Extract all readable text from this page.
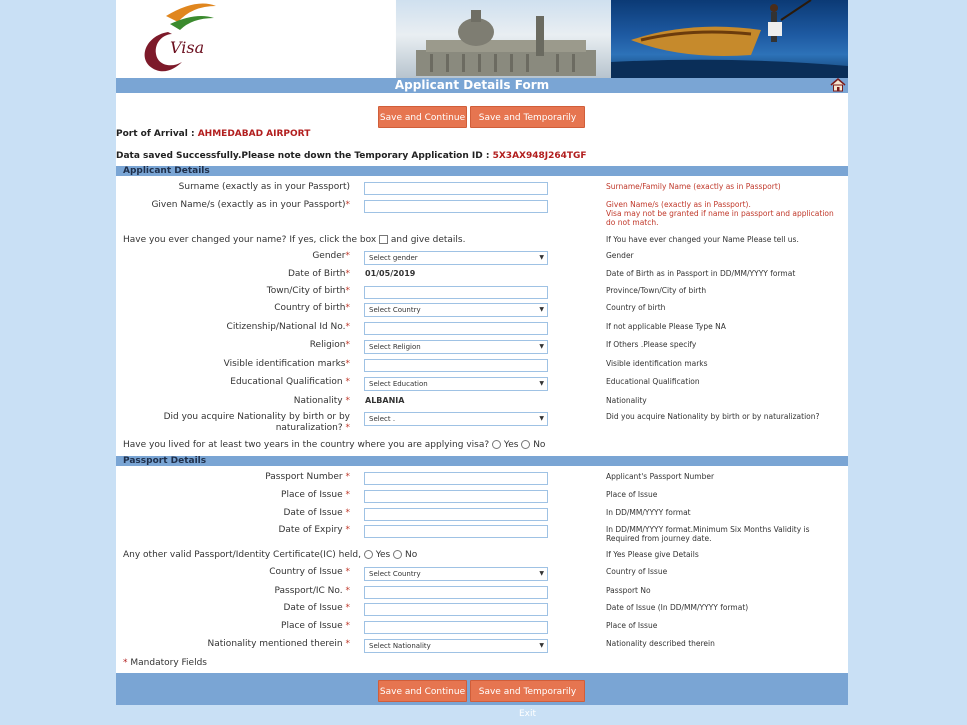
Visa
Applicant Details Form
Save and Continue	Save and Temporarily Exit
Port of Arrival : AHMEDABAD AIRPORT
Data saved Successfully.Please note down the Temporary Application ID : 5X3AX948J264TGF
Applicant Details
Surname (exactly as in your Passport)	Surname/Family Name (exactly as in Passport)
Given Name/s (exactly as in your Passport)*	Given Name/s (exactly as in Passport).
Visa may not be granted if name in passport and application do not match.
Have you ever changed your name? If yes, click the box and give details.	If You have ever changed your Name Please tell us.
Gender*	Select gender	▼	Gender
Date of Birth* 01/05/2019	Date of Birth as in Passport in DD/MM/YYYY format
Town/City of birth*	Province/Town/City of birth
Country of birth*	Select Country	▼	Country of birth
Citizenship/National Id No.*	If not applicable Please Type NA
Religion*	Select Religion	▼	If Others .Please specify
Visible identification marks*	Visible identification marks
Educational Qualification *	Select Education	▼	Educational Qualification
Nationality * ALBANIA	Nationality
Did you acquire Nationality by birth or by
naturalization? *
Select .	▼	Did you acquire Nationality by birth or by naturalization?
Have you lived for at least two years in the country where you are applying visa? Yes No
Passport Details
Passport Number *	Applicant's Passport Number
Place of Issue *	Place of Issue
Date of Issue *	In DD/MM/YYYY format
Date of Expiry *	In DD/MM/YYYY format.Minimum Six Months Validity is Required from journey date.
Any other valid Passport/Identity Certificate(IC) held, Yes No	If Yes Please give Details
Country of Issue *	Select Country	▼	Country of Issue
Passport/IC No. *	Passport No
Date of Issue *	Date of Issue (In DD/MM/YYYY format)
Place of Issue *	Place of Issue
Nationality mentioned therein *	Select Nationality	▼	Nationality described therein
* Mandatory Fields
Save and Continue	Save and Temporarily Exit
